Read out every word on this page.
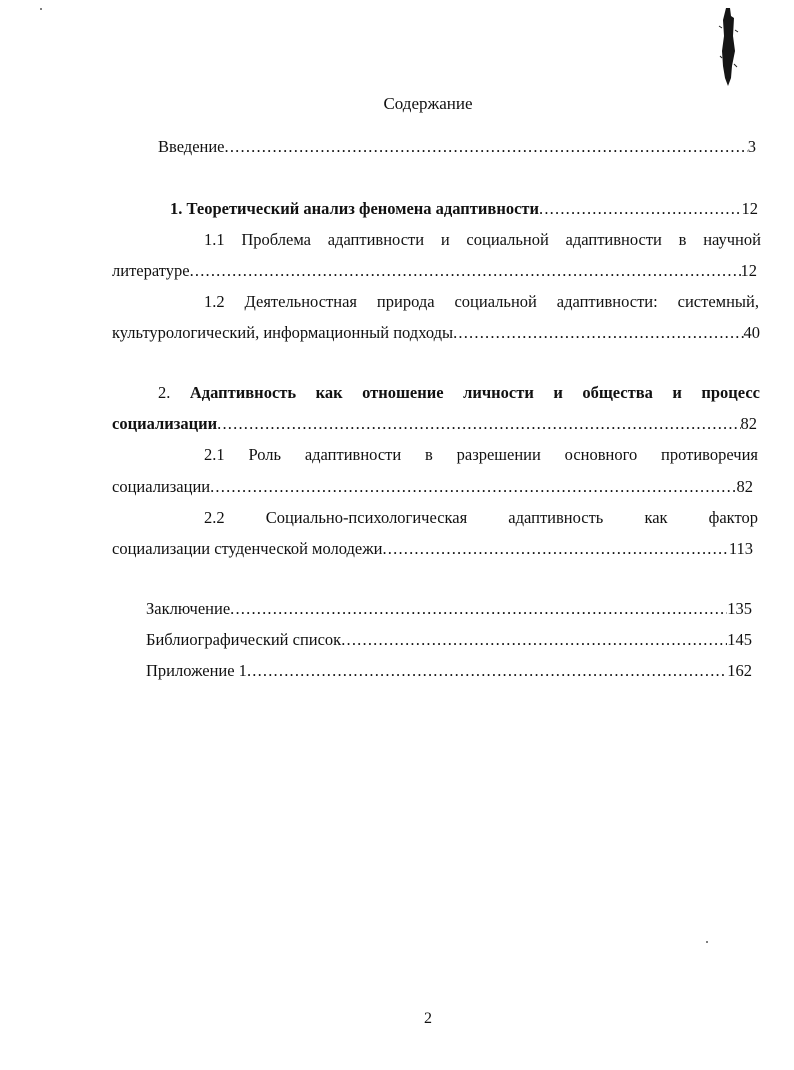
Содержание
Введение .....	3
1. Теоретический анализ феномена адаптивности .....	12
1.1 Проблема адаптивности и социальной адаптивности в научной
литературе .....	12
1.2 Деятельностная природа социальной адаптивности: системный,
культурологический, информационный подходы .....	40
2. Адаптивность как отношение личности и общества и процесс
социализации .....	82
2.1 Роль адаптивности в разрешении основного противоречия
социализации .....	82
2.2 Социально-психологическая адаптивность как фактор
социализации студенческой молодежи .....	113
Заключение .....	135
Библиографический список .....	145
Приложение 1 .....	162
2
